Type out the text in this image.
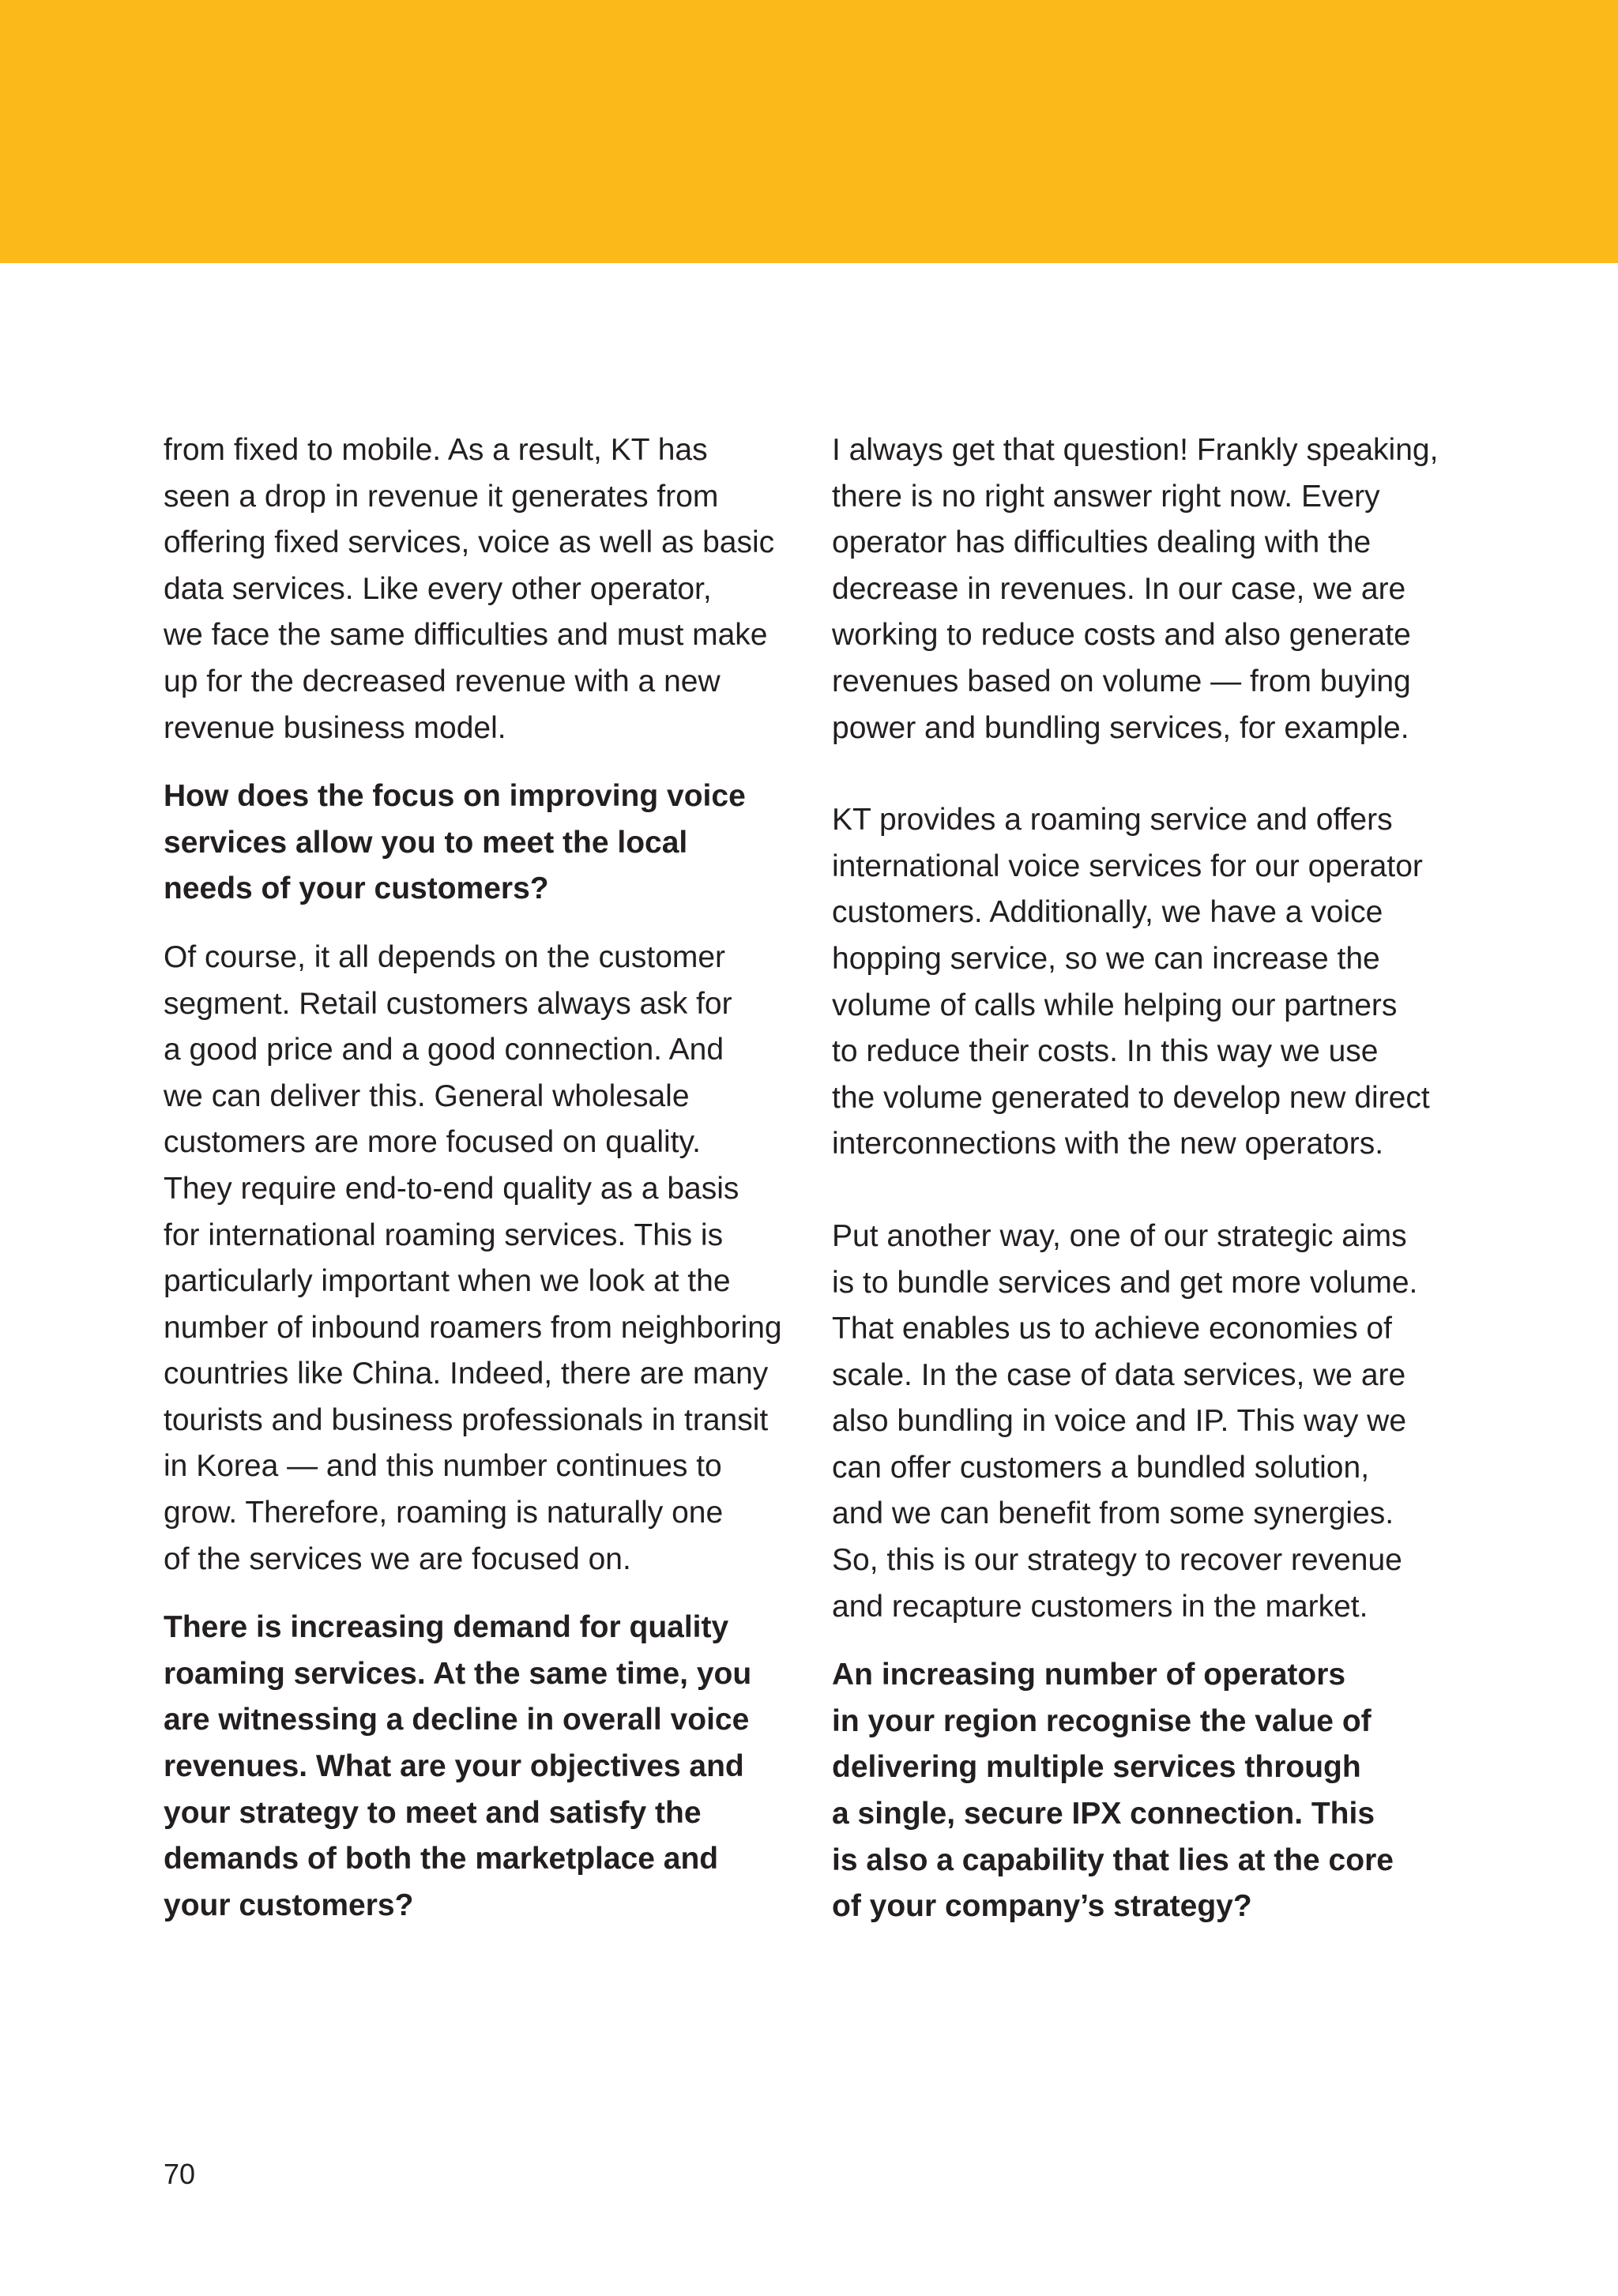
from fixed to mobile. As a result, KT has
seen a drop in revenue it generates from
offering fixed services, voice as well as basic
data services. Like every other operator,
we face the same difficulties and must make
up for the decreased revenue with a new
revenue business model.

How does the focus on improving voice
services allow you to meet the local
needs of your customers?

Of course, it all depends on the customer
segment. Retail customers always ask for
a good price and a good connection. And
we can deliver this. General wholesale
customers are more focused on quality.
They require end-to-end quality as a basis
for international roaming services. This is
particularly important when we look at the
number of inbound roamers from neighboring
countries like China. Indeed, there are many
tourists and business professionals in transit
in Korea — and this number continues to
grow. Therefore, roaming is naturally one
of the services we are focused on.

There is increasing demand for quality
roaming services. At the same time, you
are witnessing a decline in overall voice
revenues. What are your objectives and
your strategy to meet and satisfy the
demands of both the marketplace and
your customers?

I always get that question! Frankly speaking,
there is no right answer right now. Every
operator has difficulties dealing with the
decrease in revenues. In our case, we are
working to reduce costs and also generate
revenues based on volume — from buying
power and bundling services, for example.

KT provides a roaming service and offers
international voice services for our operator
customers. Additionally, we have a voice
hopping service, so we can increase the
volume of calls while helping our partners
to reduce their costs. In this way we use
the volume generated to develop new direct
interconnections with the new operators.

Put another way, one of our strategic aims
is to bundle services and get more volume.
That enables us to achieve economies of
scale. In the case of data services, we are
also bundling in voice and IP. This way we
can offer customers a bundled solution,
and we can benefit from some synergies.
So, this is our strategy to recover revenue
and recapture customers in the market.

An increasing number of operators
in your region recognise the value of
delivering multiple services through
a single, secure IPX connection. This
is also a capability that lies at the core
of your company’s strategy?

70
